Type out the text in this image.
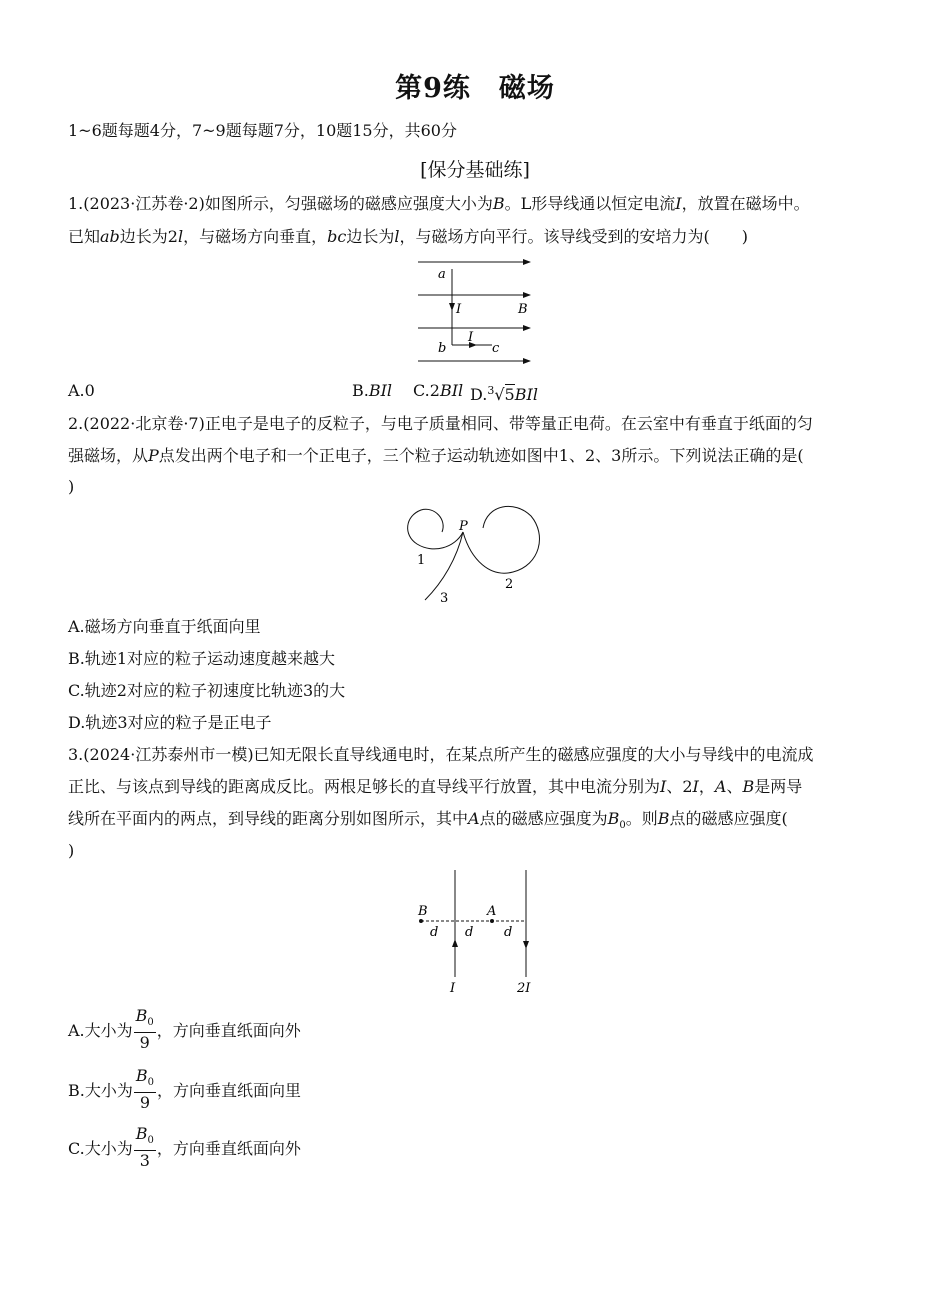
第9练　磁场
1~6题每题4分，7~9题每题7分，10题15分，共60分
[保分基础练]
1.(2023·江苏卷·2)如图所示，匀强磁场的磁感应强度大小为B。L形导线通以恒定电流I，放置在磁场中。
已知ab边长为2l，与磁场方向垂直，bc边长为l，与磁场方向平行。该导线受到的安培力为(　　)
a
I	B
I
b	c
A.0	B.BIl C.2BIl D.$^3$√5BIl
2.(2022·北京卷·7)正电子是电子的反粒子，与电子质量相同、带等量正电荷。在云室中有垂直于纸面的匀
强磁场，从P点发出两个电子和一个正电子，三个粒子运动轨迹如图中1、2、3所示。下列说法正确的是(
)
P
1
2
3
A.磁场方向垂直于纸面向里
B.轨迹1对应的粒子运动速度越来越大
C.轨迹2对应的粒子初速度比轨迹3的大
D.轨迹3对应的粒子是正电子
3.(2024·江苏泰州市一模)已知无限长直导线通电时，在某点所产生的磁感应强度的大小与导线中的电流成
正比、与该点到导线的距离成反比。两根足够长的直导线平行放置，其中电流分别为I、2I，A、B是两导
线所在平面内的两点，到导线的距离分别如图所示，其中A点的磁感应强度为$B_0$。则B点的磁感应强度(
)
B	A
d d d
I	2I
A.大小为 $\frac{B_0}{9}$ ，方向垂直纸面向外
B.大小为 $\frac{B_0}{9}$ ，方向垂直纸面向里
C.大小为 $\frac{B_0}{3}$ ，方向垂直纸面向外
